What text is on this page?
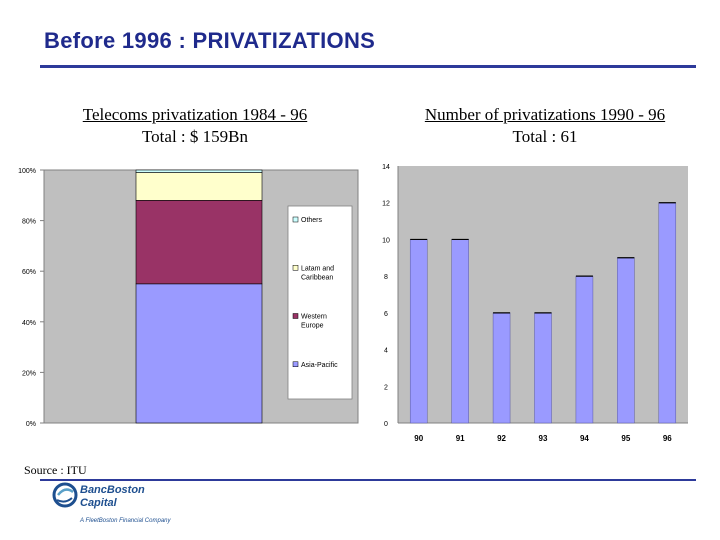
Before 1996 : PRIVATIZATIONS
Telecoms privatization 1984 - 96
Total : $ 159Bn
Number of privatizations 1990 - 96
Total : 61
0%
20%
40%
60%
80%
100%
Others
Latam and
Caribbean
Western
Europe
Asia-Pacific
0
2
4
6
8
10
12
14
90	91	92	93	94	95	96
Source : ITU
BancBoston
Capital
A FleetBoston Financial Company
